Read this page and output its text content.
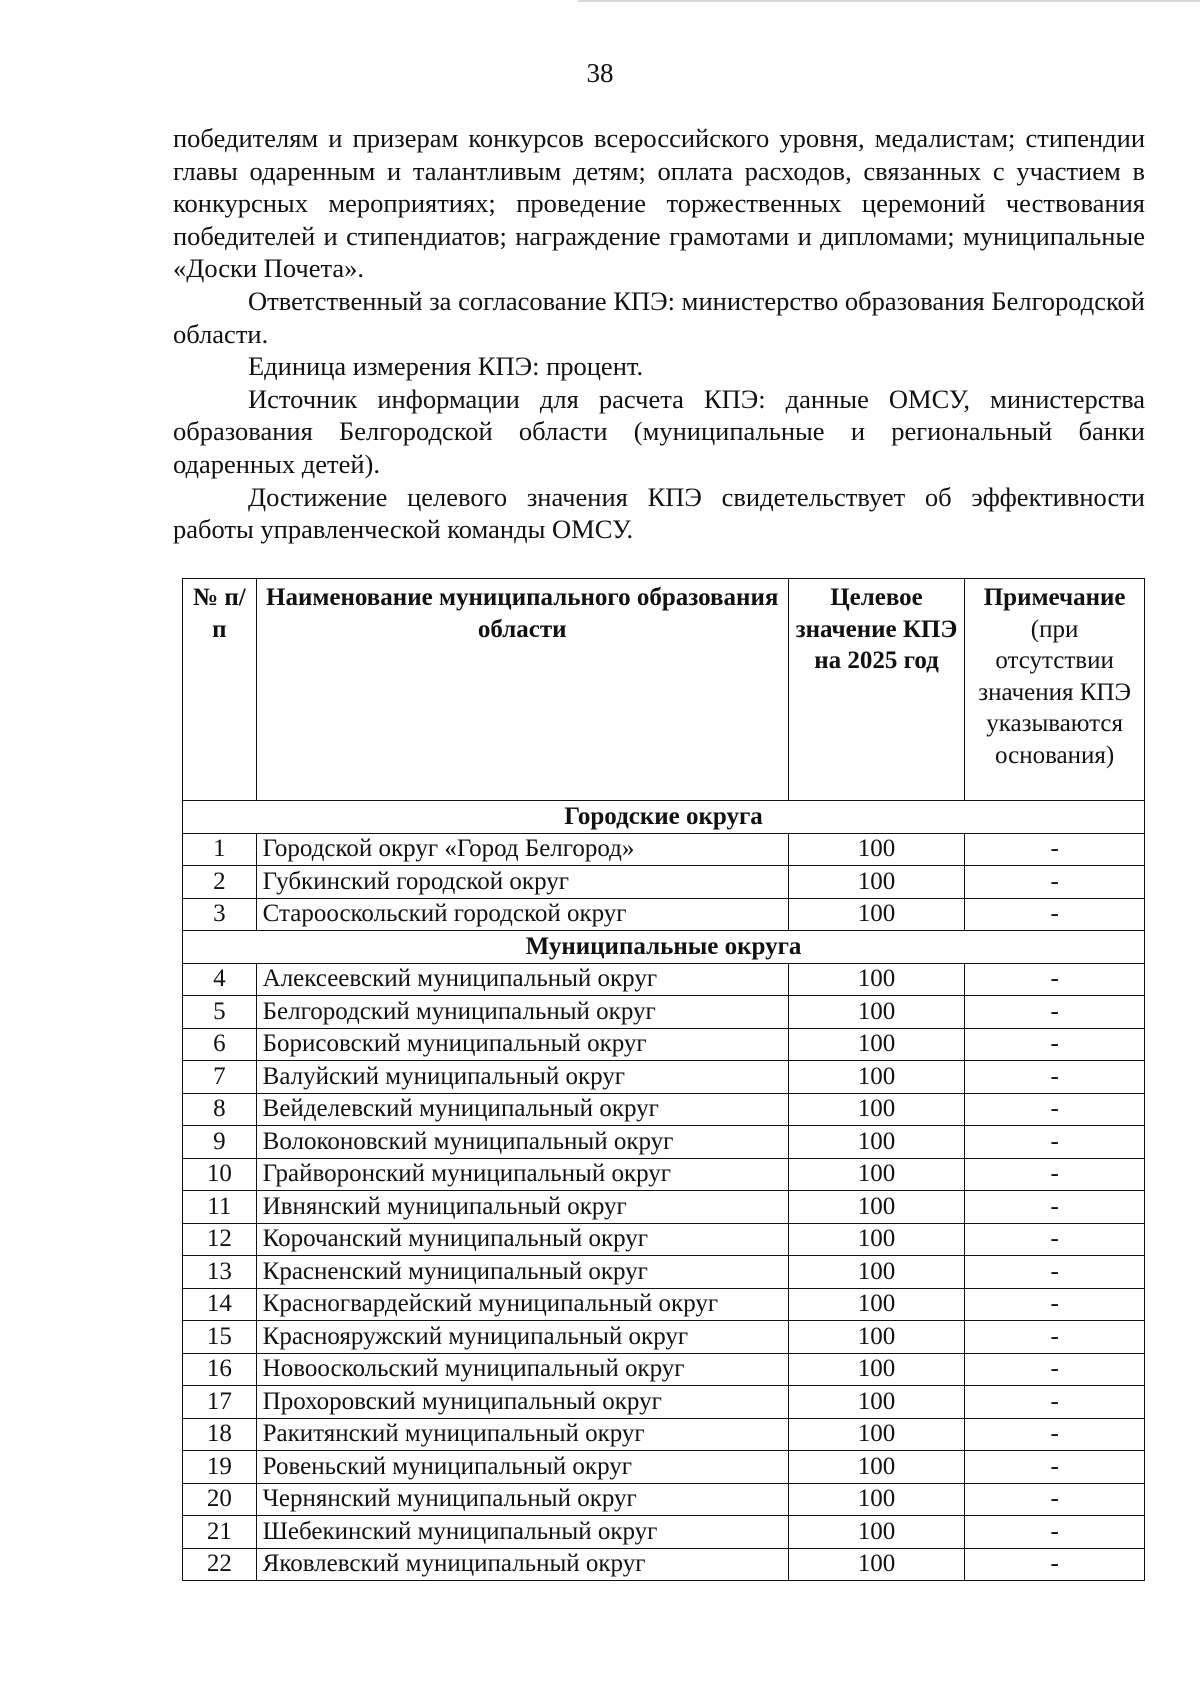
38

победителям и призерам конкурсов всероссийского уровня, медалистам; стипендии главы одаренным и талантливым детям; оплата расходов, связанных с участием в конкурсных мероприятиях; проведение торжественных церемоний чествования победителей и стипендиатов; награждение грамотами и дипломами; муниципальные «Доски Почета».

Ответственный за согласование КПЭ: министерство образования Белгородской области.

Единица измерения КПЭ: процент.

Источник информации для расчета КПЭ: данные ОМСУ, министерства образования Белгородской области (муниципальные и региональный банки одаренных детей).

Достижение целевого значения КПЭ свидетельствует об эффективности работы управленческой команды ОМСУ.

№ п/п	Наименование муниципального образования области	Целевое значение КПЭ на 2025 год	Примечание
(при отсутствии значения КПЭ указываются основания)
Городские округа			
1	Городской округ «Город Белгород»	100	-
2	Губкинский городской округ	100	-
3	Старооскольский городской округ	100	-
Муниципальные округа			
4	Алексеевский муниципальный округ	100	-
5	Белгородский муниципальный округ	100	-
6	Борисовский муниципальный округ	100	-
7	Валуйский муниципальный округ	100	-
8	Вейделевский муниципальный округ	100	-
9	Волоконовский муниципальный округ	100	-
10	Грайворонский муниципальный округ	100	-
11	Ивнянский муниципальный округ	100	-
12	Корочанский муниципальный округ	100	-
13	Красненский муниципальный округ	100	-
14	Красногвардейский муниципальный округ	100	-
15	Краснояружский муниципальный округ	100	-
16	Новооскольский муниципальный округ	100	-
17	Прохоровский муниципальный округ	100	-
18	Ракитянский муниципальный округ	100	-
19	Ровеньский муниципальный округ	100	-
20	Чернянский муниципальный округ	100	-
21	Шебекинский муниципальный округ	100	-
22	Яковлевский муниципальный округ	100	-
